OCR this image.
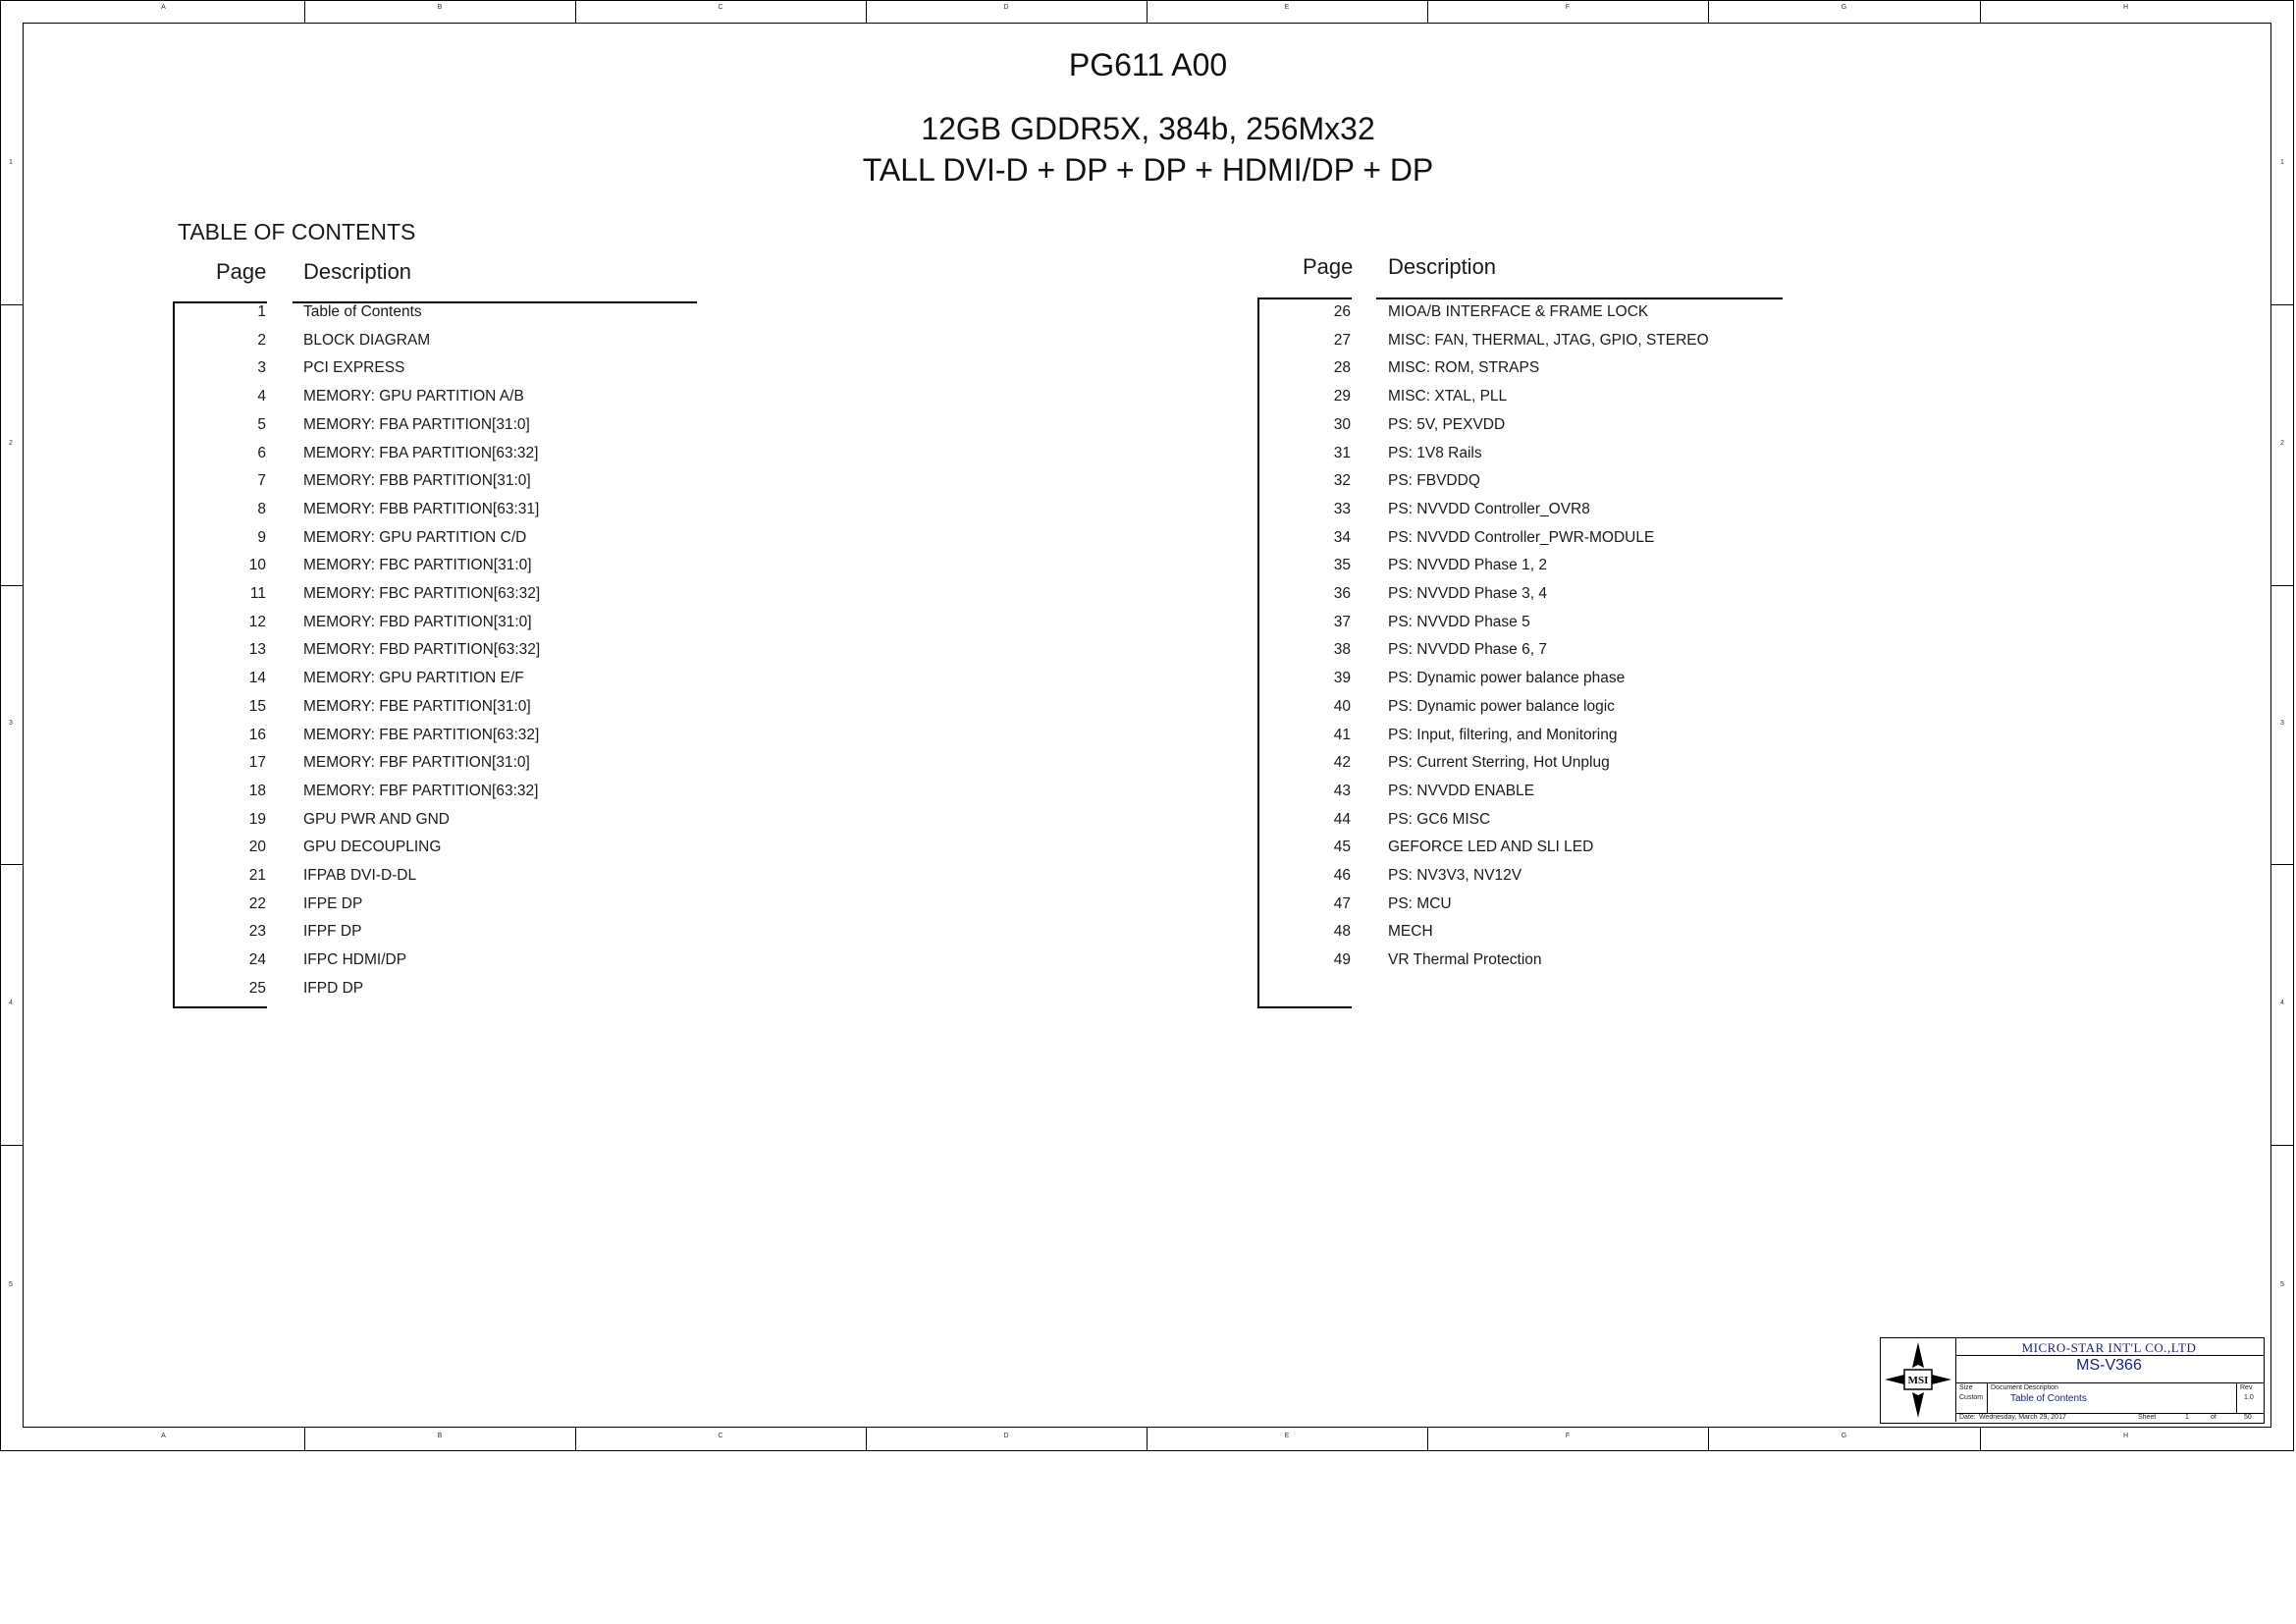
A
A
B
B
C
C
D
D
E
E
F
F
G
G
H
H
1	1
2	2
3	3
4	4
5	5
PG611 A00
12GB GDDR5X, 384b, 256Mx32
TALL DVI-D + DP + DP + HDMI/DP + DP
TABLE OF CONTENTS
Page Description	Page Description
1 Table of Contents
2 BLOCK DIAGRAM
3 PCI EXPRESS
4 MEMORY: GPU PARTITION A/B
5 MEMORY: FBA PARTITION[31:0]
6 MEMORY: FBA PARTITION[63:32]
7 MEMORY: FBB PARTITION[31:0]
8 MEMORY: FBB PARTITION[63:31]
9 MEMORY: GPU PARTITION C/D
10 MEMORY: FBC PARTITION[31:0]
11 MEMORY: FBC PARTITION[63:32]
12 MEMORY: FBD PARTITION[31:0]
13 MEMORY: FBD PARTITION[63:32]
14 MEMORY: GPU PARTITION E/F
15 MEMORY: FBE PARTITION[31:0]
16 MEMORY: FBE PARTITION[63:32]
17 MEMORY: FBF PARTITION[31:0]
18 MEMORY: FBF PARTITION[63:32]
19 GPU PWR AND GND
20 GPU DECOUPLING
21 IFPAB DVI-D-DL
22 IFPE DP
23 IFPF DP
24 IFPC HDMI/DP
25 IFPD DP
26 MIOA/B INTERFACE & FRAME LOCK
27 MISC: FAN, THERMAL, JTAG, GPIO, STEREO
28 MISC: ROM, STRAPS
29 MISC: XTAL, PLL
30 PS: 5V, PEXVDD
31 PS: 1V8 Rails
32 PS: FBVDDQ
33 PS: NVVDD Controller_OVR8
34 PS: NVVDD Controller_PWR-MODULE
35 PS: NVVDD Phase 1, 2
36 PS: NVVDD Phase 3, 4
37 PS: NVVDD Phase 5
38 PS: NVVDD Phase 6, 7
39 PS: Dynamic power balance phase
40 PS: Dynamic power balance logic
41 PS: Input, filtering, and Monitoring
42 PS: Current Sterring, Hot Unplug
43 PS: NVVDD ENABLE
44 PS: GC6 MISC
45 GEFORCE LED AND SLI LED
46 PS: NV3V3, NV12V
47 PS: MCU
48 MECH
49 VR Thermal Protection
MSI
MICRO-STAR INT'L CO.,LTD
MS-V366
Size
Custom
Document Description
Table of Contents
Rev
1.0
Date: Wednesday, March 29, 2017	Sheet	1	of	50
